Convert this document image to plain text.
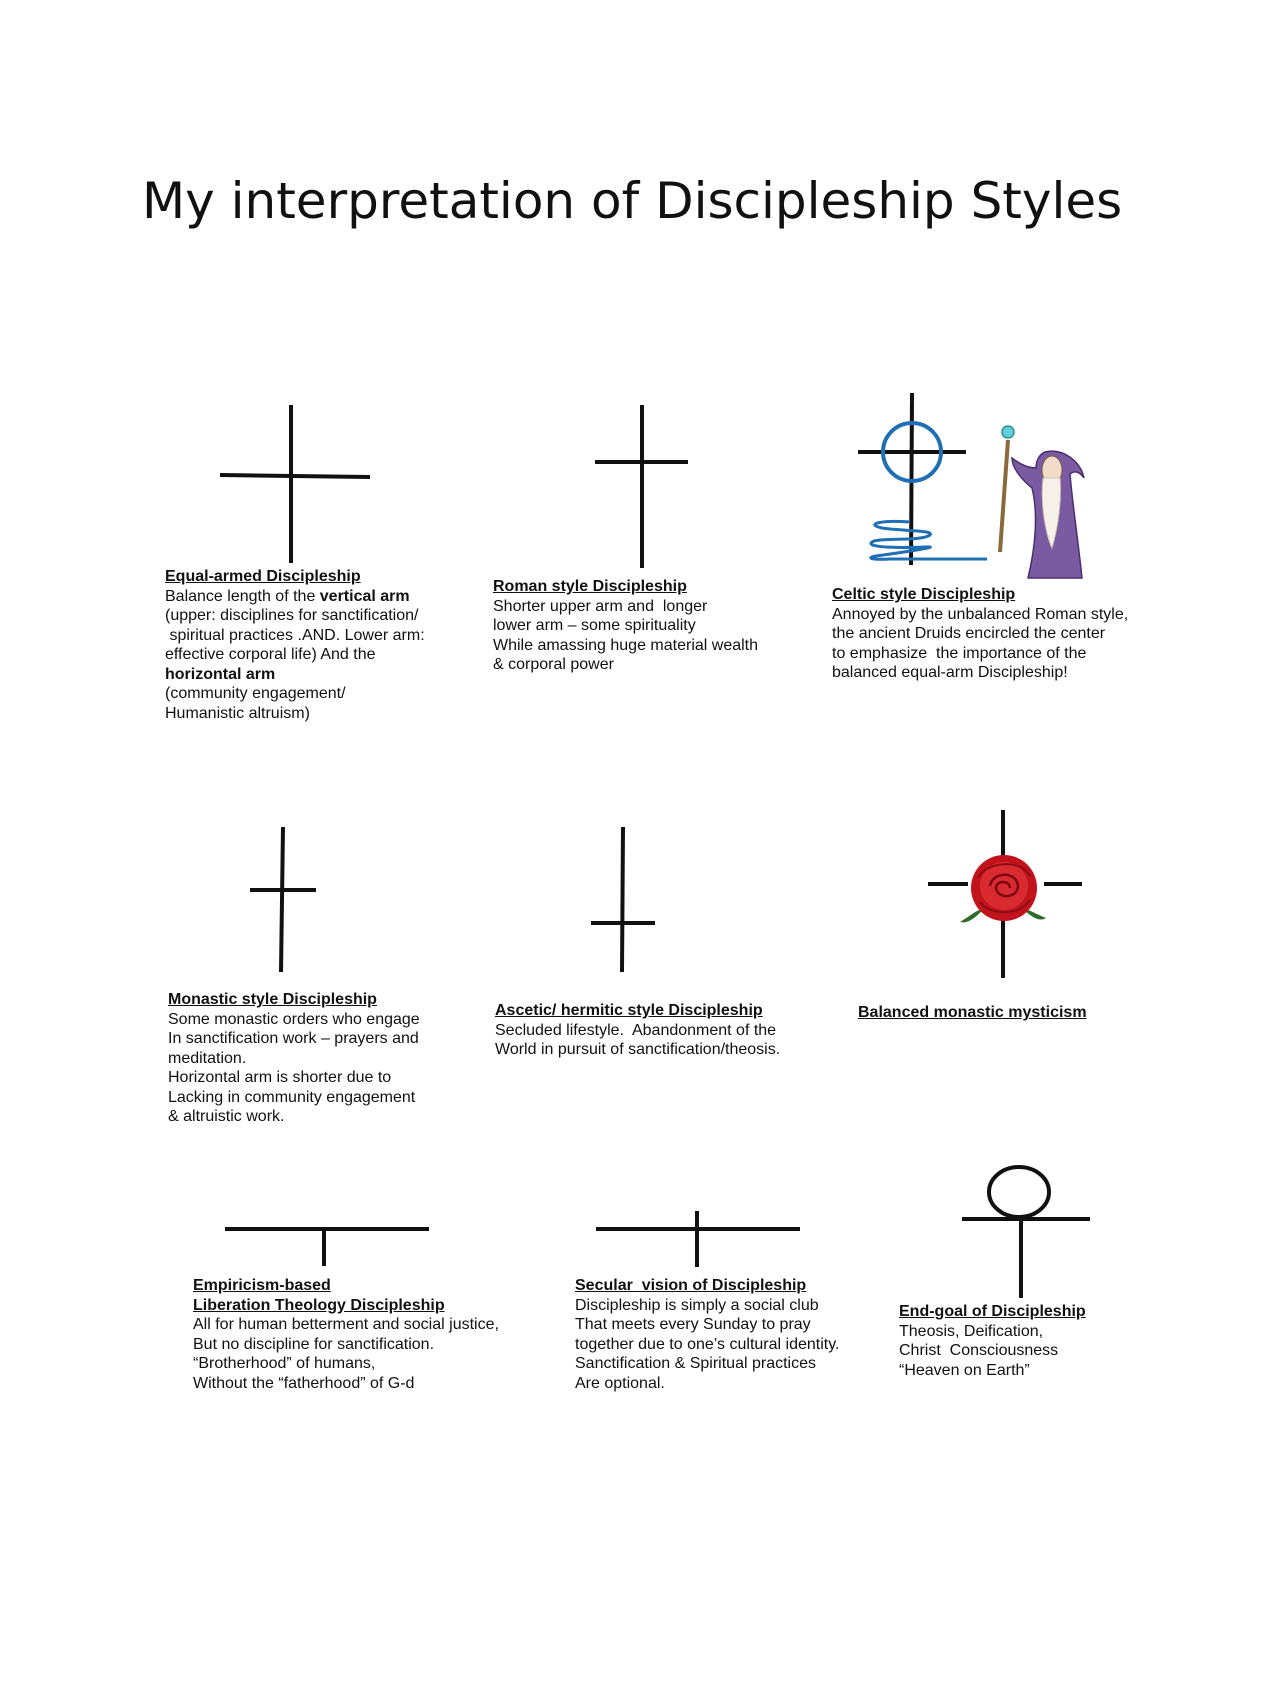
My interpretation of Discipleship Styles
Equal-armed Discipleship
Balance length of the vertical arm
(upper: disciplines for sanctification/
spiritual practices .AND. Lower arm:
effective corporal life) And the
horizontal arm
(community engagement/
Humanistic altruism)
Roman style Discipleship
Shorter upper arm and  longer
lower arm – some spirituality
While amassing huge material wealth
& corporal power
Celtic style Discipleship
Annoyed by the unbalanced Roman style,
the ancient Druids encircled the center
to emphasize  the importance of the
balanced equal-arm Discipleship!
Monastic style Discipleship
Some monastic orders who engage
In sanctification work – prayers and
meditation.
Horizontal arm is shorter due to
Lacking in community engagement
& altruistic work.
Ascetic/ hermitic style Discipleship
Secluded lifestyle.  Abandonment of the
World in pursuit of sanctification/theosis.
Balanced monastic mysticism
Empiricism-based
Liberation Theology Discipleship
All for human betterment and social justice,
But no discipline for sanctification.
“Brotherhood” of humans,
Without the “fatherhood” of G-d
Secular  vision of Discipleship
Discipleship is simply a social club
That meets every Sunday to pray
together due to one’s cultural identity.
Sanctification & Spiritual practices
Are optional.
End-goal of Discipleship
Theosis, Deification,
Christ  Consciousness
“Heaven on Earth”
